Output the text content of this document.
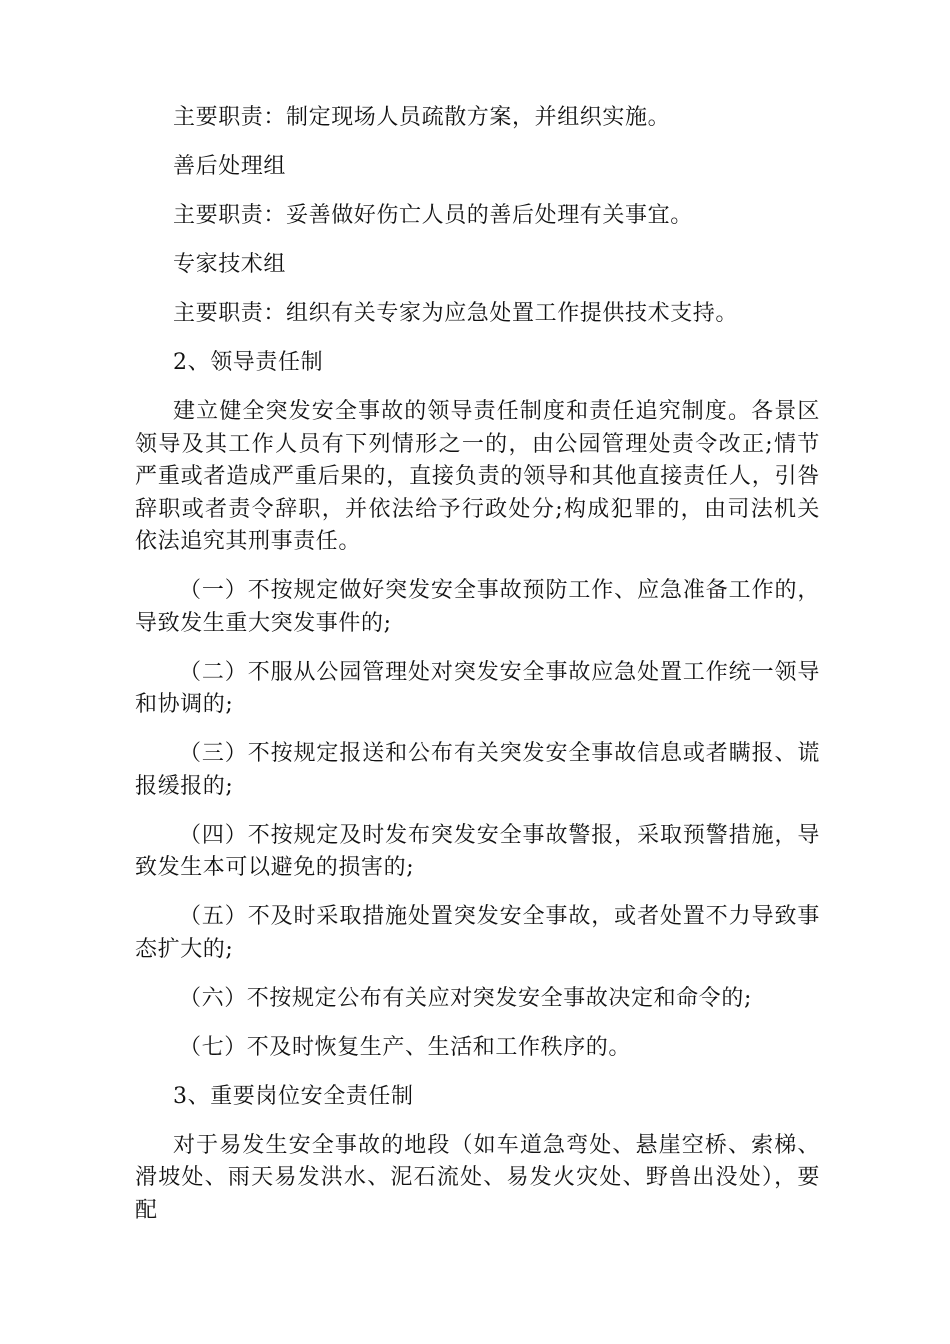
主要职责：制定现场人员疏散方案，并组织实施。

善后处理组

主要职责：妥善做好伤亡人员的善后处理有关事宜。

专家技术组

主要职责：组织有关专家为应急处置工作提供技术支持。

2、领导责任制

建立健全突发安全事故的领导责任制度和责任追究制度。各景区领导及其工作人员有下列情形之一的，由公园管理处责令改正;情节严重或者造成严重后果的，直接负责的领导和其他直接责任人，引咎辞职或者责令辞职，并依法给予行政处分;构成犯罪的，由司法机关依法追究其刑事责任。

（一）不按规定做好突发安全事故预防工作、应急准备工作的，导致发生重大突发事件的;

（二）不服从公园管理处对突发安全事故应急处置工作统一领导和协调的;

（三）不按规定报送和公布有关突发安全事故信息或者瞒报、谎报缓报的;

（四）不按规定及时发布突发安全事故警报，采取预警措施，导致发生本可以避免的损害的;

（五）不及时采取措施处置突发安全事故，或者处置不力导致事态扩大的;

（六）不按规定公布有关应对突发安全事故决定和命令的;

（七）不及时恢复生产、生活和工作秩序的。

3、重要岗位安全责任制

对于易发生安全事故的地段（如车道急弯处、悬崖空桥、索梯、滑坡处、雨天易发洪水、泥石流处、易发火灾处、野兽出没处），要配
